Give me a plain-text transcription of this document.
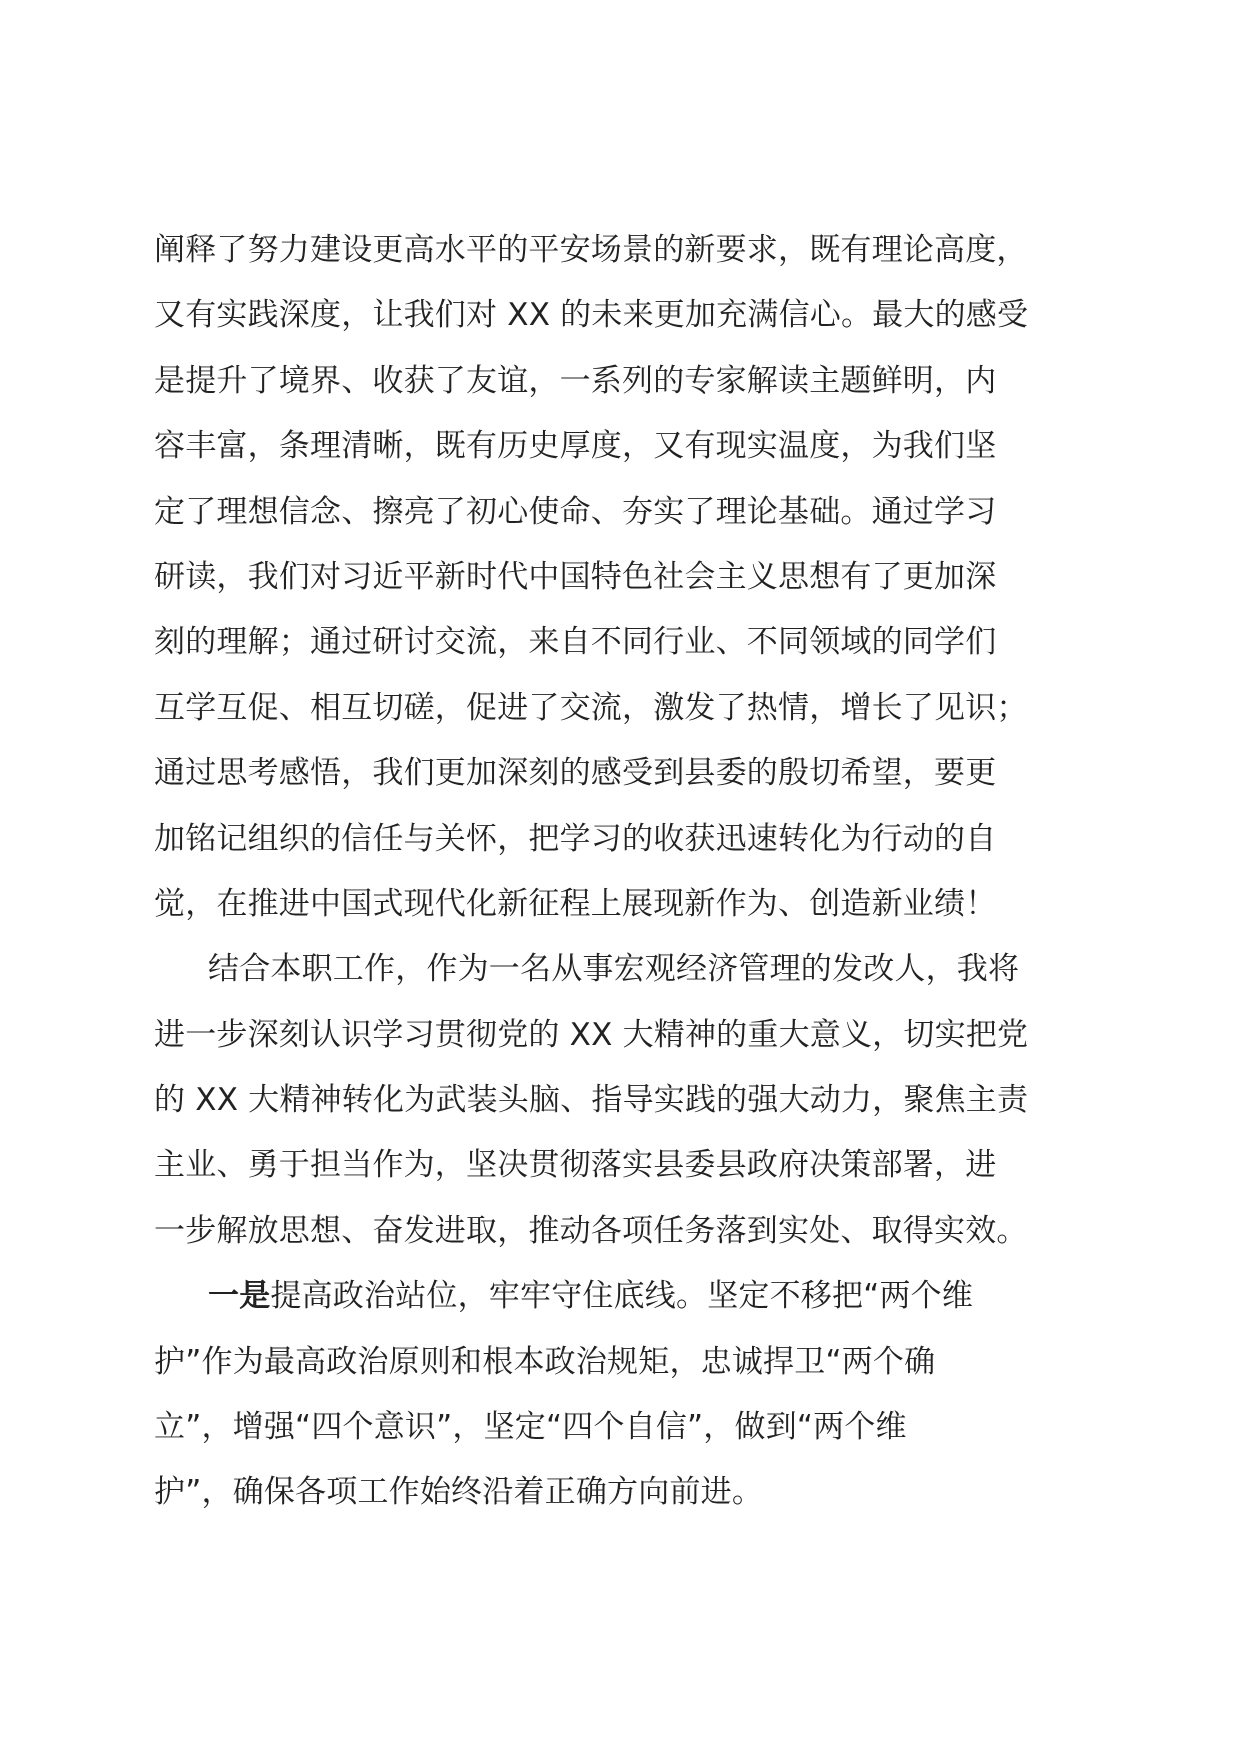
阐释了努力建设更高水平的平安场景的新要求，既有理论高度，
又有实践深度，让我们对 XX 的未来更加充满信心。最大的感受
是提升了境界、收获了友谊，一系列的专家解读主题鲜明，内
容丰富，条理清晰，既有历史厚度，又有现实温度，为我们坚
定了理想信念、擦亮了初心使命、夯实了理论基础。通过学习
研读，我们对习近平新时代中国特色社会主义思想有了更加深
刻的理解；通过研讨交流，来自不同行业、不同领域的同学们
互学互促、相互切磋，促进了交流，激发了热情，增长了见识；
通过思考感悟，我们更加深刻的感受到县委的殷切希望，要更
加铭记组织的信任与关怀，把学习的收获迅速转化为行动的自
觉，在推进中国式现代化新征程上展现新作为、创造新业绩！
结合本职工作，作为一名从事宏观经济管理的发改人，我将
进一步深刻认识学习贯彻党的 XX 大精神的重大意义，切实把党
的 XX 大精神转化为武装头脑、指导实践的强大动力，聚焦主责
主业、勇于担当作为，坚决贯彻落实县委县政府决策部署，进
一步解放思想、奋发进取，推动各项任务落到实处、取得实效。
一是提高政治站位，牢牢守住底线。坚定不移把“两个维
护”作为最高政治原则和根本政治规矩，忠诚捍卫“两个确
立”，增强“四个意识”，坚定“四个自信”，做到“两个维
护”，确保各项工作始终沿着正确方向前进。
